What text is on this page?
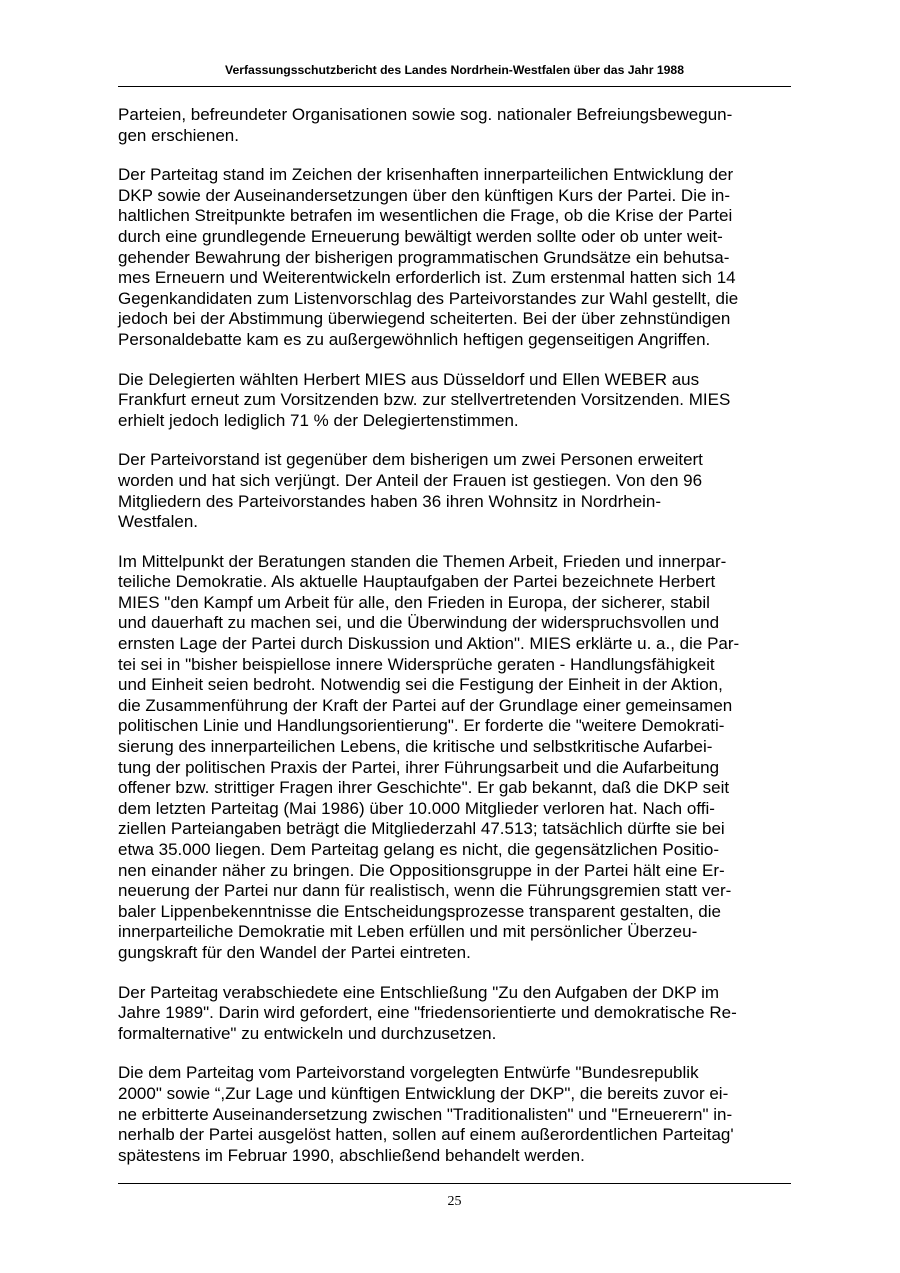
Verfassungsschutzbericht des Landes Nordrhein-Westfalen über das Jahr 1988

Parteien, befreundeter Organisationen sowie sog. nationaler Befreiungsbewegun-
gen erschienen.

Der Parteitag stand im Zeichen der krisenhaften innerparteilichen Entwicklung der
DKP sowie der Auseinandersetzungen über den künftigen Kurs der Partei. Die in-
haltlichen Streitpunkte betrafen im wesentlichen die Frage, ob die Krise der Partei
durch eine grundlegende Erneuerung bewältigt werden sollte oder ob unter weit-
gehender Bewahrung der bisherigen programmatischen Grundsätze ein behutsa-
mes Erneuern und Weiterentwickeln erforderlich ist. Zum erstenmal hatten sich 14
Gegenkandidaten zum Listenvorschlag des Parteivorstandes zur Wahl gestellt, die
jedoch bei der Abstimmung überwiegend scheiterten. Bei der über zehnstündigen
Personaldebatte kam es zu außergewöhnlich heftigen gegenseitigen Angriffen.

Die Delegierten wählten Herbert MIES aus Düsseldorf und Ellen WEBER aus
Frankfurt erneut zum Vorsitzenden bzw. zur stellvertretenden Vorsitzenden. MIES
erhielt jedoch lediglich 71 % der Delegiertenstimmen.

Der Parteivorstand ist gegenüber dem bisherigen um zwei Personen erweitert
worden und hat sich verjüngt. Der Anteil der Frauen ist gestiegen. Von den 96
Mitgliedern des Parteivorstandes haben 36 ihren Wohnsitz in Nordrhein-
Westfalen.

Im Mittelpunkt der Beratungen standen die Themen Arbeit, Frieden und innerpar-
teiliche Demokratie. Als aktuelle Hauptaufgaben der Partei bezeichnete Herbert
MIES "den Kampf um Arbeit für alle, den Frieden in Europa, der sicherer, stabil
und dauerhaft zu machen sei, und die Überwindung der widerspruchsvollen und
ernsten Lage der Partei durch Diskussion und Aktion". MIES erklärte u. a., die Par-
tei sei in "bisher beispiellose innere Widersprüche geraten - Handlungsfähigkeit
und Einheit seien bedroht. Notwendig sei die Festigung der Einheit in der Aktion,
die Zusammenführung der Kraft der Partei auf der Grundlage einer gemeinsamen
politischen Linie und Handlungsorientierung". Er forderte die "weitere Demokrati-
sierung des innerparteilichen Lebens, die kritische und selbstkritische Aufarbei-
tung der politischen Praxis der Partei, ihrer Führungsarbeit und die Aufarbeitung
offener bzw. strittiger Fragen ihrer Geschichte". Er gab bekannt, daß die DKP seit
dem letzten Parteitag (Mai 1986) über 10.000 Mitglieder verloren hat. Nach offi-
ziellen Parteiangaben beträgt die Mitgliederzahl 47.513; tatsächlich dürfte sie bei
etwa 35.000 liegen. Dem Parteitag gelang es nicht, die gegensätzlichen Positio-
nen einander näher zu bringen. Die Oppositionsgruppe in der Partei hält eine Er-
neuerung der Partei nur dann für realistisch, wenn die Führungsgremien statt ver-
baler Lippenbekenntnisse die Entscheidungsprozesse transparent gestalten, die
innerparteiliche Demokratie mit Leben erfüllen und mit persönlicher Überzeu-
gungskraft für den Wandel der Partei eintreten.

Der Parteitag verabschiedete eine Entschließung "Zu den Aufgaben der DKP im
Jahre 1989". Darin wird gefordert, eine "friedensorientierte und demokratische Re-
formalternative" zu entwickeln und durchzusetzen.

Die dem Parteitag vom Parteivorstand vorgelegten Entwürfe "Bundesrepublik
2000" sowie “,Zur Lage und künftigen Entwicklung der DKP", die bereits zuvor ei-
ne erbitterte Auseinandersetzung zwischen "Traditionalisten" und "Erneuerern" in-
nerhalb der Partei ausgelöst hatten, sollen auf einem außerordentlichen Parteitag'
spätestens im Februar 1990, abschließend behandelt werden.

25
